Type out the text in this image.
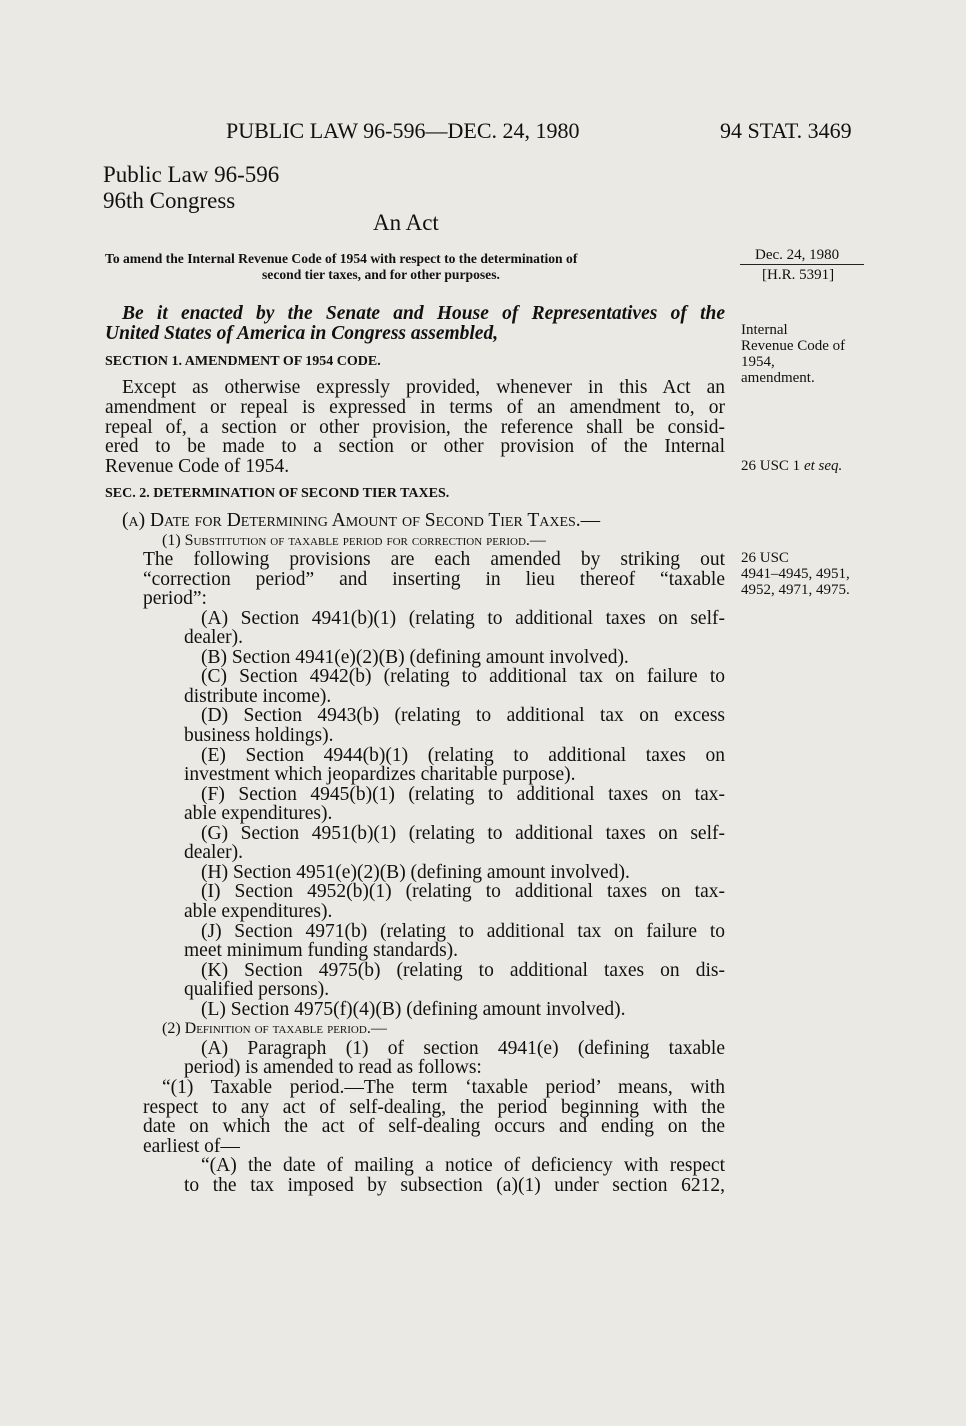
PUBLIC LAW 96-596—DEC. 24, 1980	94 STAT. 3469
Public Law 96-596
96th Congress
An Act
To amend the Internal Revenue Code of 1954 with respect to the determination of
second tier taxes, and for other purposes.
Dec. 24, 1980
[H.R. 5391]
Internal
Revenue Code of
1954,
amendment.
26 USC 1 et seq.
26 USC
4941–4945, 4951,
4952, 4971, 4975.
Be it enacted by the Senate and House of Representatives of the
United States of America in Congress assembled,
SECTION 1. AMENDMENT OF 1954 CODE.
Except as otherwise expressly provided, whenever in this Act an
amendment or repeal is expressed in terms of an amendment to, or
repeal of, a section or other provision, the reference shall be consid-
ered to be made to a section or other provision of the Internal
Revenue Code of 1954.
SEC. 2. DETERMINATION OF SECOND TIER TAXES.
(a) Date for Determining Amount of Second Tier Taxes.—
(1) Substitution of taxable period for correction period.—
The following provisions are each amended by striking out
“correction period” and inserting in lieu thereof “taxable
period”:
(A) Section 4941(b)(1) (relating to additional taxes on self-
dealer).
(B) Section 4941(e)(2)(B) (defining amount involved).
(C) Section 4942(b) (relating to additional tax on failure to
distribute income).
(D) Section 4943(b) (relating to additional tax on excess
business holdings).
(E) Section 4944(b)(1) (relating to additional taxes on
investment which jeopardizes charitable purpose).
(F) Section 4945(b)(1) (relating to additional taxes on tax-
able expenditures).
(G) Section 4951(b)(1) (relating to additional taxes on self-
dealer).
(H) Section 4951(e)(2)(B) (defining amount involved).
(I) Section 4952(b)(1) (relating to additional taxes on tax-
able expenditures).
(J) Section 4971(b) (relating to additional tax on failure to
meet minimum funding standards).
(K) Section 4975(b) (relating to additional taxes on dis-
qualified persons).
(L) Section 4975(f)(4)(B) (defining amount involved).
(2) Definition of taxable period.—
(A) Paragraph (1) of section 4941(e) (defining taxable
period) is amended to read as follows:
“(1) Taxable period.—The term ‘taxable period’ means, with
respect to any act of self-dealing, the period beginning with the
date on which the act of self-dealing occurs and ending on the
earliest of—
“(A) the date of mailing a notice of deficiency with respect
to the tax imposed by subsection (a)(1) under section 6212,
